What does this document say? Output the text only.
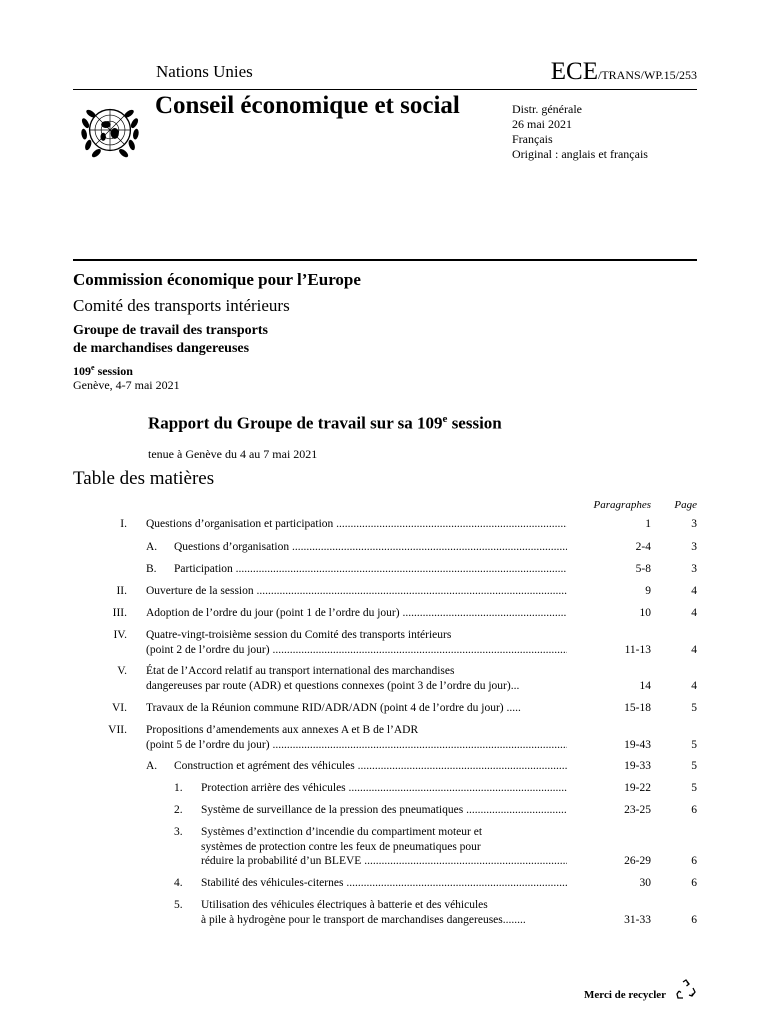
Nations Unies	ECE/TRANS/WP.15/253
Conseil économique et social	Distr. générale
26 mai 2021
Français
Original : anglais et français
Commission économique pour l’Europe
Comité des transports intérieurs
Groupe de travail des transports
de marchandises dangereuses
109e session
Genève, 4-7 mai 2021
Rapport du Groupe de travail sur sa 109e session
tenue à Genève du 4 au 7 mai 2021
Table des matières
Paragraphes	Page
I. Questions d’organisation et participation .....	1	3
A. Questions d’organisation .....	2-4	3
B.	Participation .....	5-8	3
II. Ouverture de la session .....	9	4
III. Adoption de l’ordre du jour (point 1 de l’ordre du jour) .....	10	4
IV. Quatre-vingt-troisième session du Comité des transports intérieurs
(point 2 de l’ordre du jour) .....	11-13	4
V. État de l’Accord relatif au transport international des marchandises
dangereuses par route (ADR) et questions connexes (point 3 de l’ordre du jour)...	14	4
VI. Travaux de la Réunion commune RID/ADR/ADN (point 4 de l’ordre du jour) .....	15-18	5
VII. Propositions d’amendements aux annexes A et B de l’ADR
(point 5 de l’ordre du jour) .....	19-43	5
A. Construction et agrément des véhicules .....	19-33	5
1. Protection arrière des véhicules .....	19-22	5
2. Système de surveillance de la pression des pneumatiques .....	23-25	6
3. Systèmes d’extinction d’incendie du compartiment moteur et
systèmes de protection contre les feux de pneumatiques pour
réduire la probabilité d’un BLEVE .....	26-29	6
4. Stabilité des véhicules-citernes .....	30	6
5. Utilisation des véhicules électriques à batterie et des véhicules
à pile à hydrogène pour le transport de marchandises dangereuses........	31-33	6
Merci de recycler
